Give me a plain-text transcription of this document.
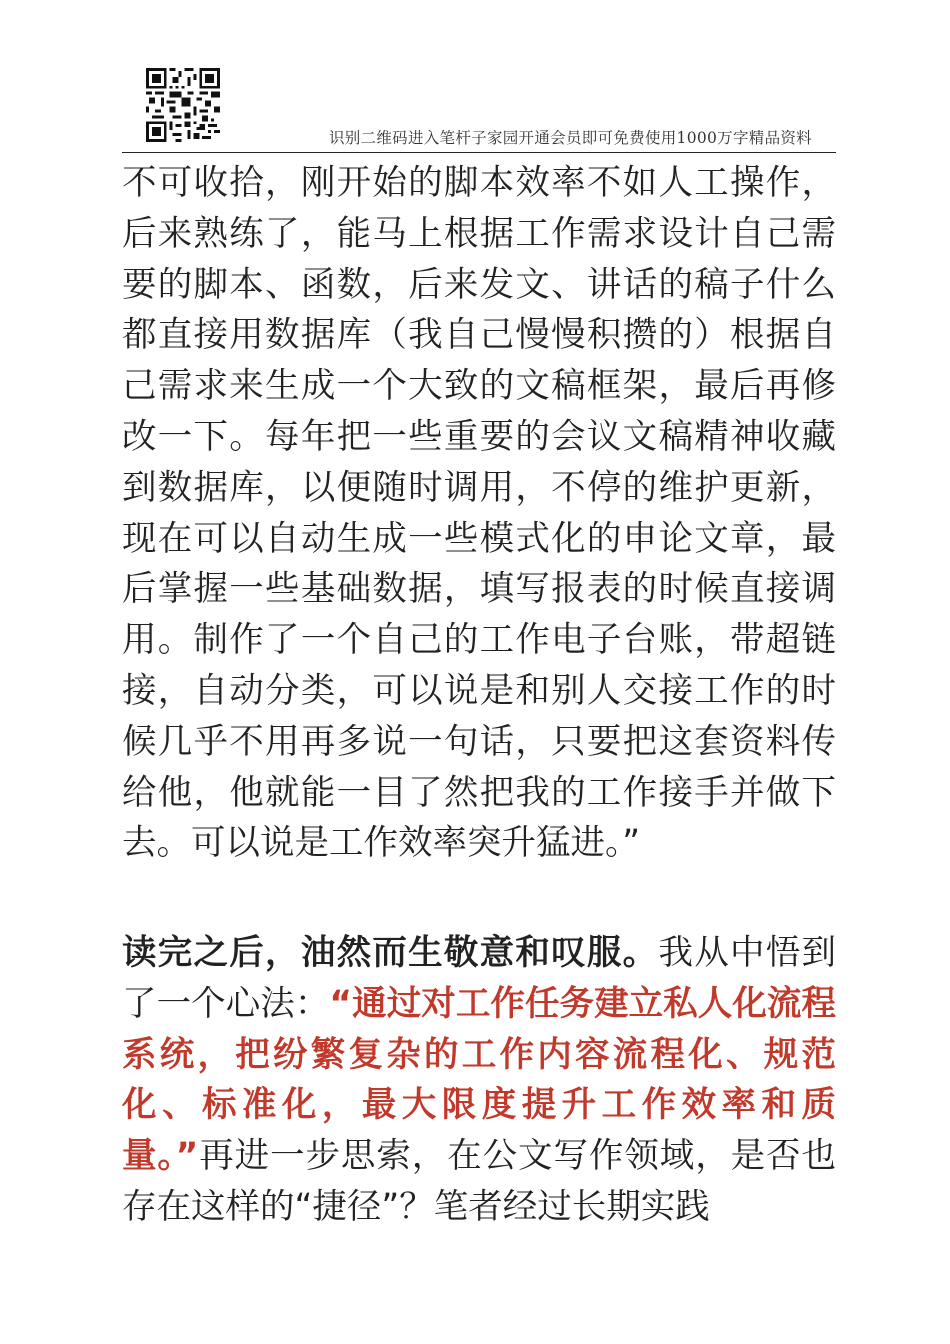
识别二维码进入笔杆子家园开通会员即可免费使用1000万字精品资料
不可收拾，刚开始的脚本效率不如人工操作，后来熟练了，能马上根据工作需求设计自己需要的脚本、函数，后来发文、讲话的稿子什么都直接用数据库（我自己慢慢积攒的）根据自己需求来生成一个大致的文稿框架，最后再修改一下。每年把一些重要的会议文稿精神收藏到数据库，以便随时调用，不停的维护更新，现在可以自动生成一些模式化的申论文章，最后掌握一些基础数据，填写报表的时候直接调用。制作了一个自己的工作电子台账，带超链接，自动分类，可以说是和别人交接工作的时候几乎不用再多说一句话，只要把这套资料传给他，他就能一目了然把我的工作接手并做下去。可以说是工作效率突升猛进。”
读完之后，油然而生敬意和叹服。我从中悟到了一个心法：“通过对工作任务建立私人化流程系统，把纷繁复杂的工作内容流程化、规范化、标准化，最大限度提升工作效率和质量。”再进一步思索，在公文写作领域，是否也存在这样的“捷径”？笔者经过长期实践
